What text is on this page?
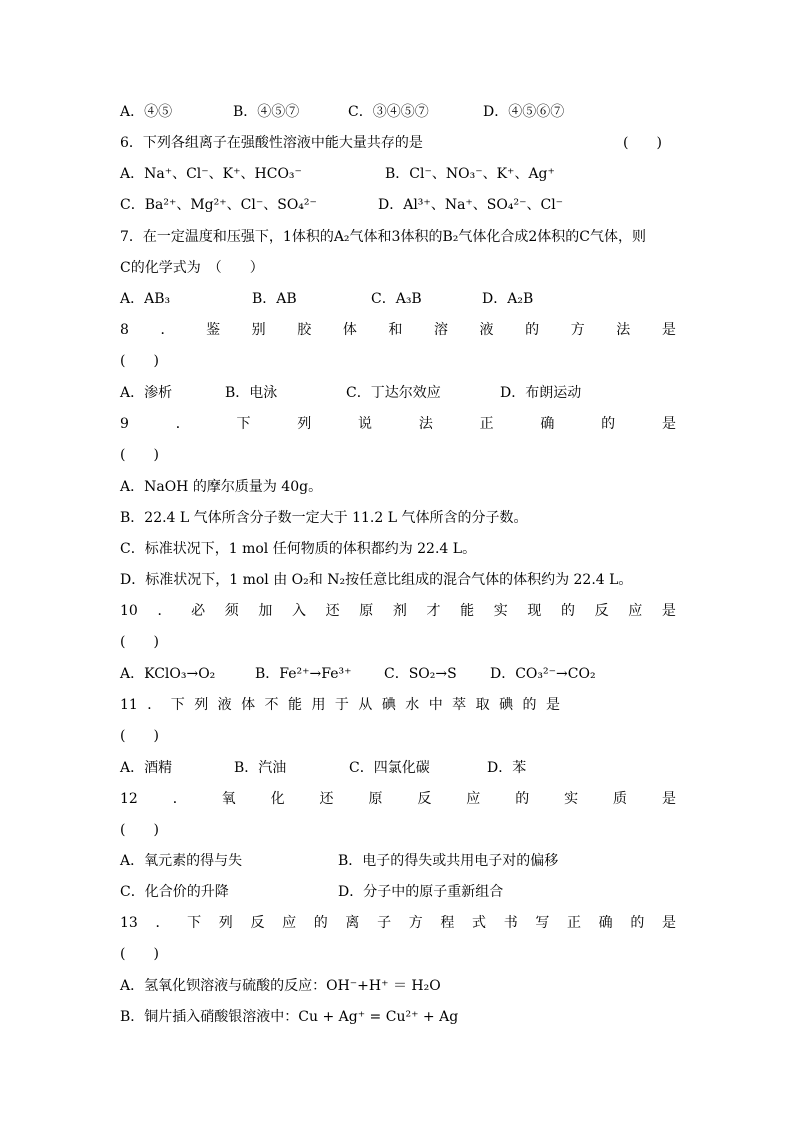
A．④⑤	B．④⑤⑦	C．③④⑤⑦	D．④⑤⑥⑦
6．下列各组离子在强酸性溶液中能大量共存的是	(　　)
A．Na⁺、Cl⁻、K⁺、HCO₃⁻	B．Cl⁻、NO₃⁻、K⁺、Ag⁺
C．Ba²⁺、Mg²⁺、Cl⁻、SO₄²⁻	D．Al³⁺、Na⁺、SO₄²⁻、Cl⁻
7．在一定温度和压强下，1体积的A₂气体和3体积的B₂气体化合成2体积的C气体，则
C的化学式为　（　　）
A．AB₃	B．AB	C．A₃B	D．A₂B
8 ． 鉴 别 胶 体 和 溶 液 的 方 法 是
(　　)
A．渗析	B．电泳	C．丁达尔效应	D．布朗运动
9	．	下	列	说	法	正	确	的	是
(　　)
A．NaOH 的摩尔质量为 40g。
B．22.4 L 气体所含分子数一定大于 11.2 L 气体所含的分子数。
C．标准状况下，1 mol 任何物质的体积都约为 22.4 L。
D．标准状况下，1 mol 由 O₂和 N₂按任意比组成的混合气体的体积约为 22.4 L。
10 ． 必 须 加 入 还 原 剂 才 能 实 现 的 反 应 是
(　　)
A．KClO₃→O₂	B．Fe²⁺→Fe³⁺ C．SO₂→S D．CO₃²⁻→CO₂
11 ． 下 列 液 体 不 能 用 于 从 碘 水 中 萃 取 碘 的 是
(　　)
A．酒精	B．汽油	C．四氯化碳	D．苯
12 ． 氧 化 还 原 反 应 的 实 质 是
(　　)
A．氧元素的得与失	B．电子的得失或共用电子对的偏移
C．化合价的升降	D．分子中的原子重新组合
13 ． 下 列 反 应 的 离 子 方 程 式 书 写 正 确 的 是
(　　)
A．氢氧化钡溶液与硫酸的反应：OH⁻+H⁺ ＝ H₂O
B．铜片插入硝酸银溶液中：Cu + Ag⁺ = Cu²⁺ + Ag
